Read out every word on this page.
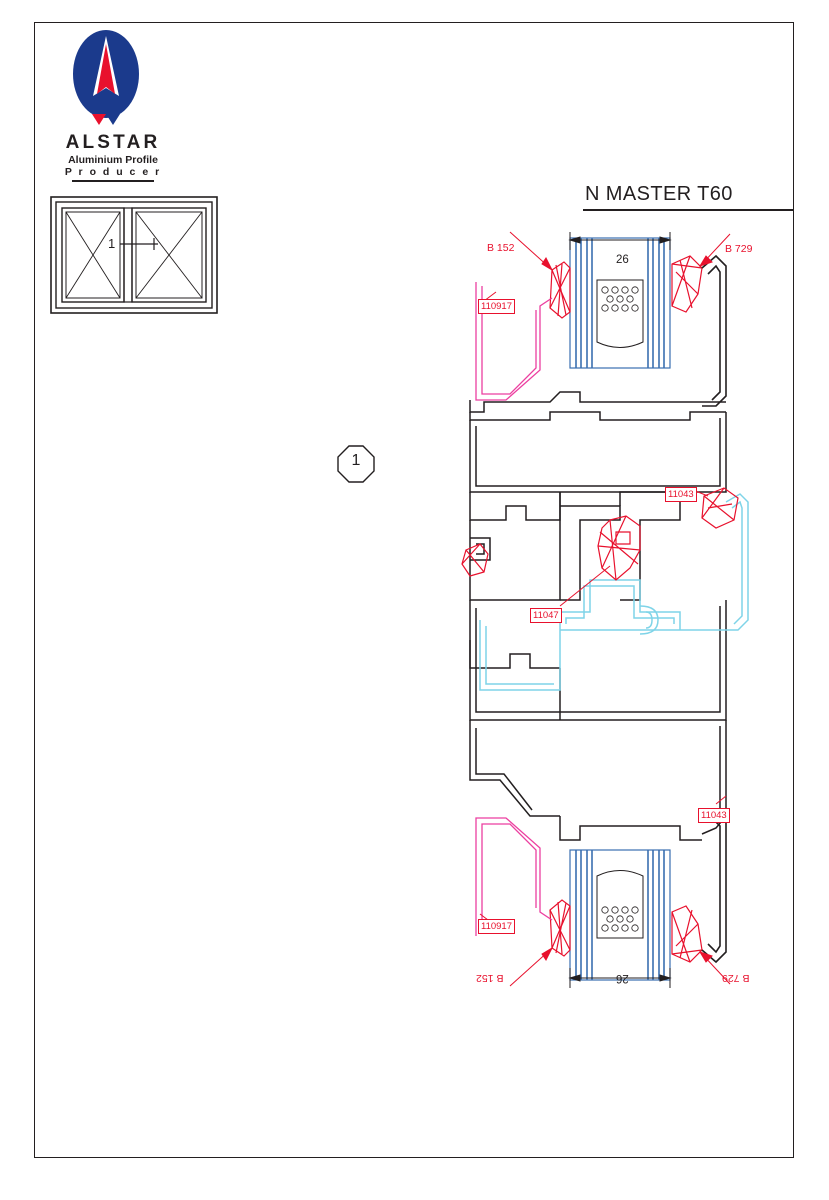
ALSTAR
Aluminium Profile
P r o d u c e r
1
N MASTER T60
1
B 152	B 729
110917
26
11043
11047
11043
110917
B 152	B 729
26
